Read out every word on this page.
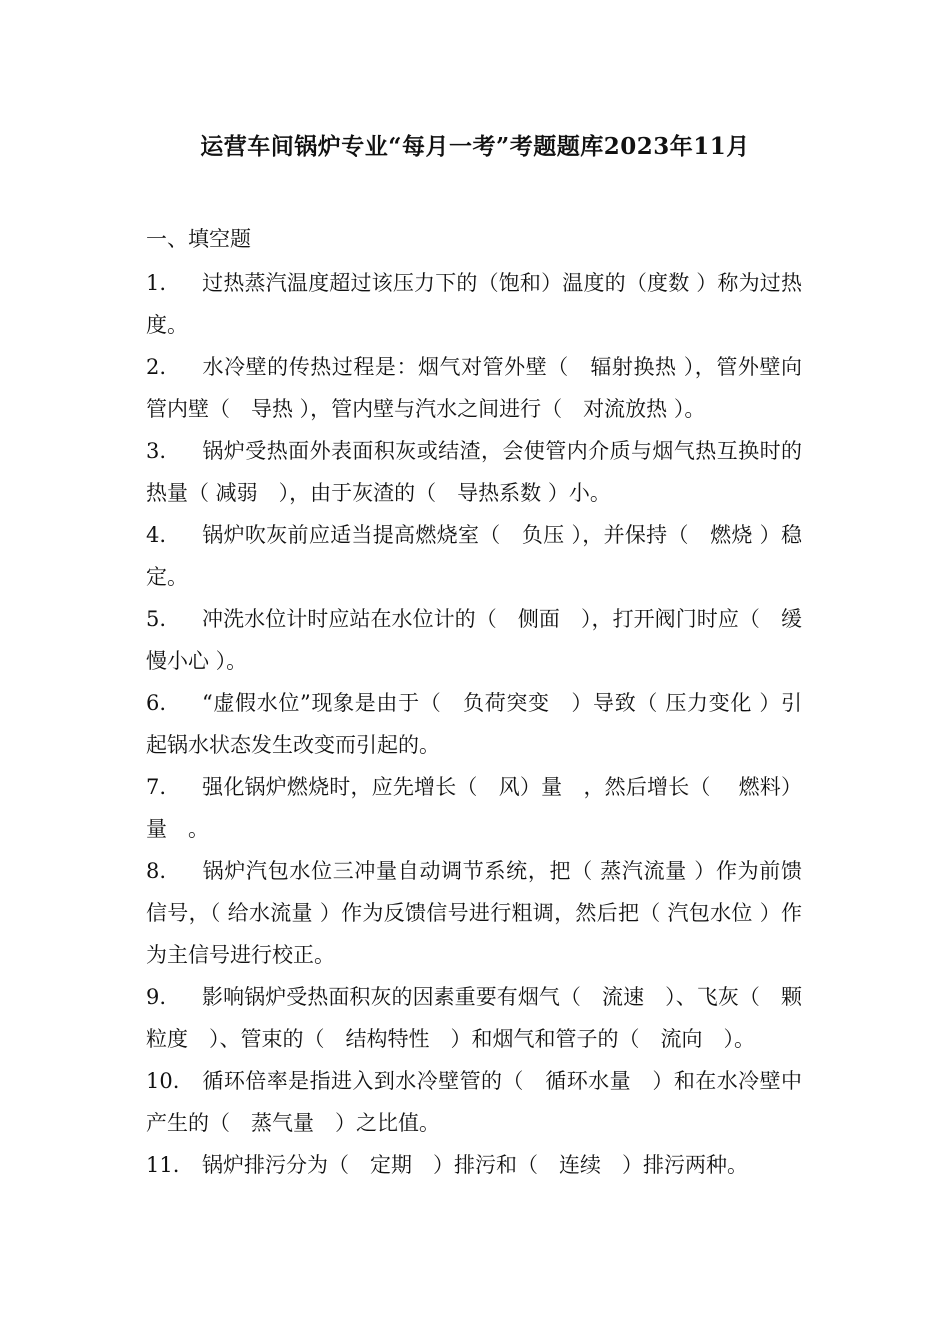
运营车间锅炉专业“每月一考”考题题库2023年11月
一、填空题
1. 过热蒸汽温度超过该压力下的（饱和）温度的（度数 ）称为过热度。
2. 水冷壁的传热过程是：烟气对管外壁（　辐射换热 ），管外壁向管内壁（　导热 ），管内壁与汽水之间进行（　对流放热 ）。
3. 锅炉受热面外表面积灰或结渣，会使管内介质与烟气热互换时的热量（ 减弱　），由于灰渣的（　导热系数 ）小。
4. 锅炉吹灰前应适当提高燃烧室（　负压 ），并保持（　燃烧 ）稳定。
5. 冲洗水位计时应站在水位计的（　侧面　），打开阀门时应（　缓慢小心 ）。
6. “虚假水位”现象是由于（　负荷突变　）导致（ 压力变化 ）引起锅水状态发生改变而引起的。
7. 强化锅炉燃烧时，应先增长（　风）量　，然后增长（　 燃料）量　。
8. 锅炉汽包水位三冲量自动调节系统，把（ 蒸汽流量 ）作为前馈信号，（ 给水流量 ）作为反馈信号进行粗调，然后把（ 汽包水位 ）作为主信号进行校正。
9. 影响锅炉受热面积灰的因素重要有烟气（　流速　）、飞灰（　颗粒度　）、管束的（　结构特性　）和烟气和管子的（　流向　）。
10. 循环倍率是指进入到水冷壁管的（　循环水量　）和在水冷壁中产生的（　蒸气量　）之比值。
11. 锅炉排污分为（　定期　）排污和（　连续　）排污两种。
